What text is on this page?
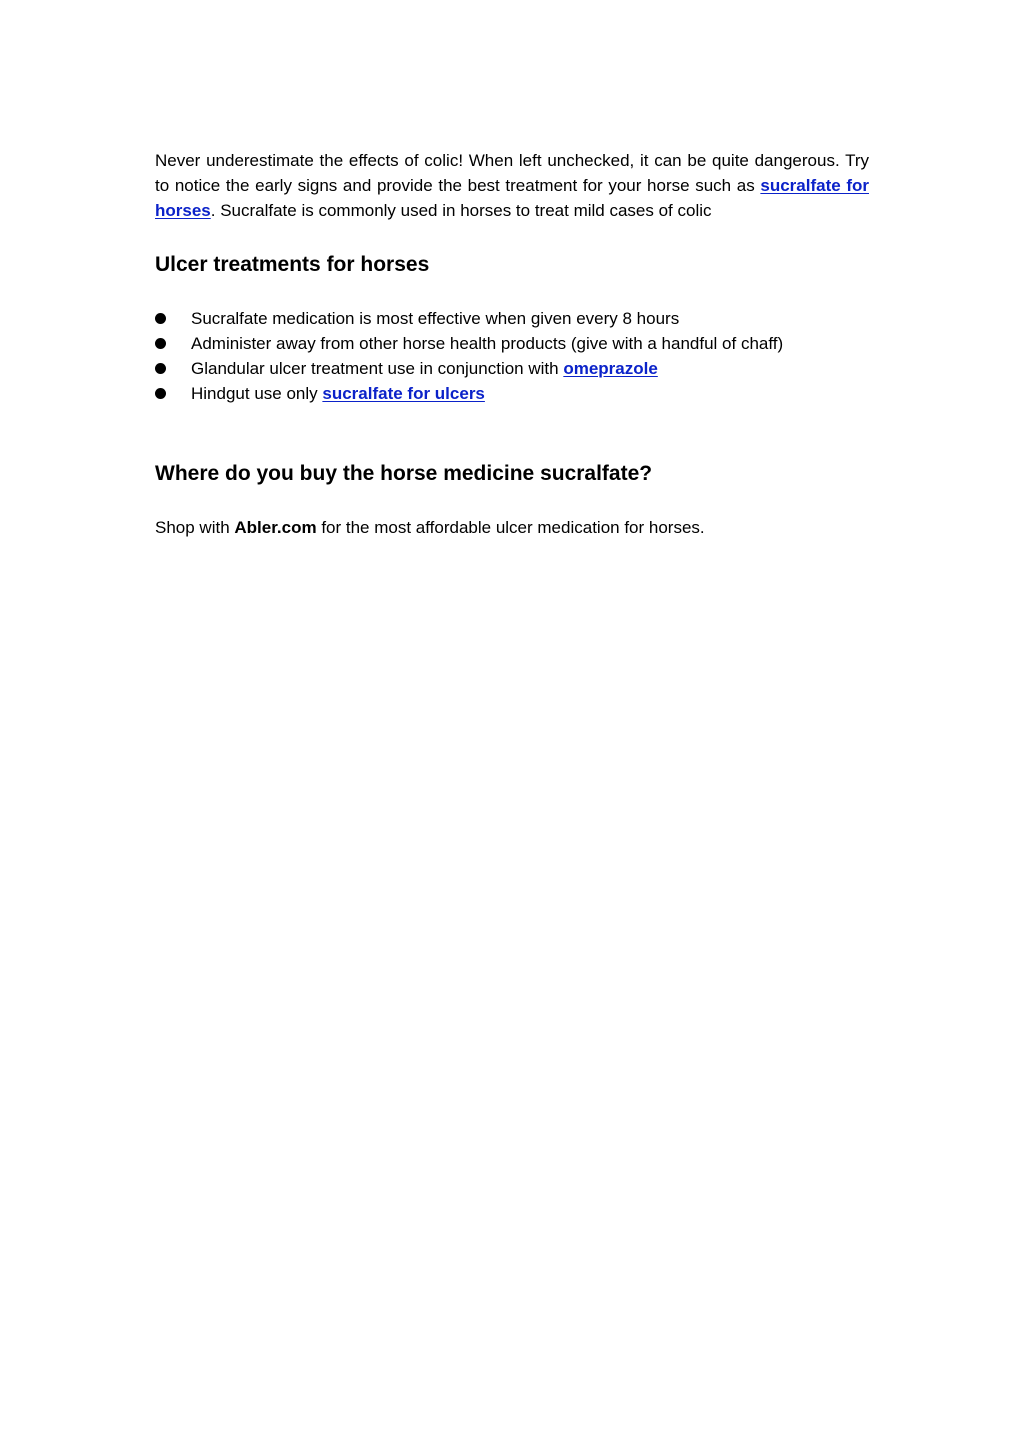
Never underestimate the effects of colic! When left unchecked, it can be quite dangerous. Try to notice the early signs and provide the best treatment for your horse such as sucralfate for horses. Sucralfate is commonly used in horses to treat mild cases of colic

Ulcer treatments for horses
Sucralfate medication is most effective when given every 8 hours
Administer away from other horse health products (give with a handful of chaff)
Glandular ulcer treatment use in conjunction with omeprazole
Hindgut use only sucralfate for ulcers
Where do you buy the horse medicine sucralfate?

Shop with Abler.com for the most affordable ulcer medication for horses.
